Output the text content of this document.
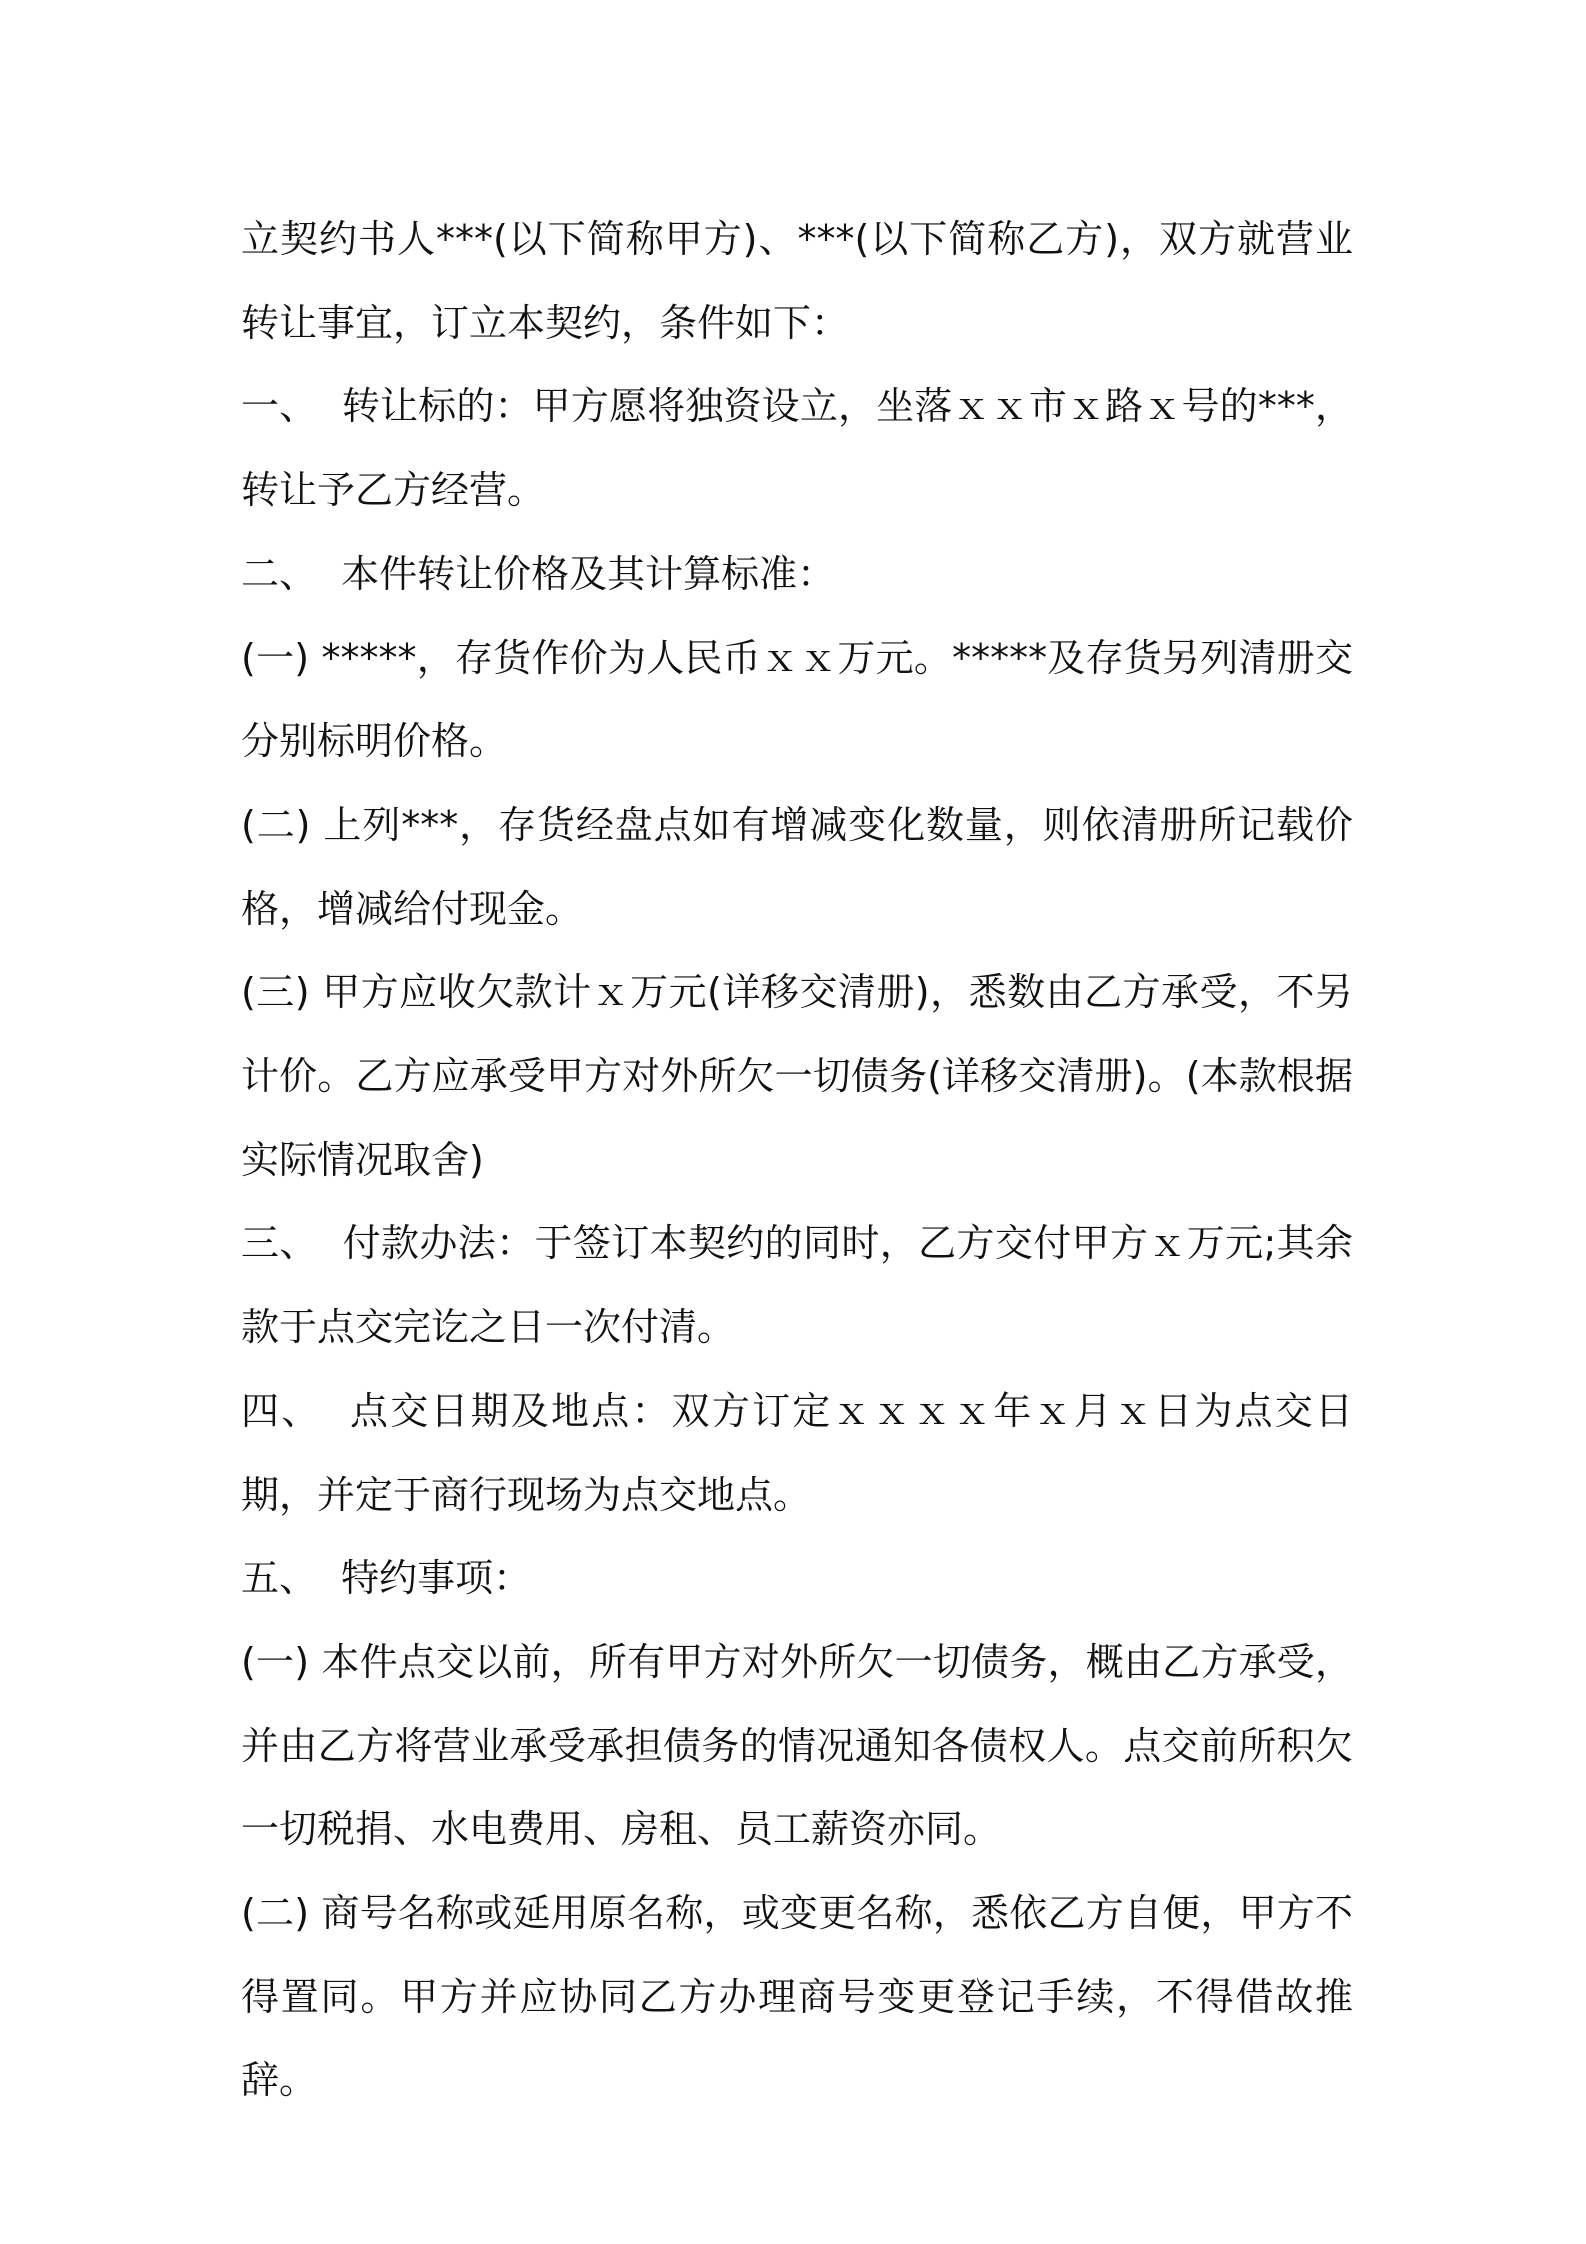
立契约书人***(以下简称甲方)、***(以下简称乙方)，双方就营业转让事宜，订立本契约，条件如下：

一、  转让标的：甲方愿将独资设立，坐落ｘｘ市ｘ路ｘ号的***，转让予乙方经营。

二、  本件转让价格及其计算标准：

(一) *****，存货作价为人民币ｘｘ万元。*****及存货另列清册交分别标明价格。

(二) 上列***，存货经盘点如有增减变化数量，则依清册所记载价格，增减给付现金。

(三) 甲方应收欠款计ｘ万元(详移交清册)，悉数由乙方承受，不另计价。乙方应承受甲方对外所欠一切债务(详移交清册)。(本款根据实际情况取舍)

三、  付款办法：于签订本契约的同时，乙方交付甲方ｘ万元;其余款于点交完讫之日一次付清。

四、  点交日期及地点：双方订定ｘｘｘｘ年ｘ月ｘ日为点交日期，并定于商行现场为点交地点。

五、  特约事项：

(一) 本件点交以前，所有甲方对外所欠一切债务，概由乙方承受，并由乙方将营业承受承担债务的情况通知各债权人。点交前所积欠一切税捐、水电费用、房租、员工薪资亦同。

(二) 商号名称或延用原名称，或变更名称，悉依乙方自便，甲方不得置同。甲方并应协同乙方办理商号变更登记手续，不得借故推辞。
